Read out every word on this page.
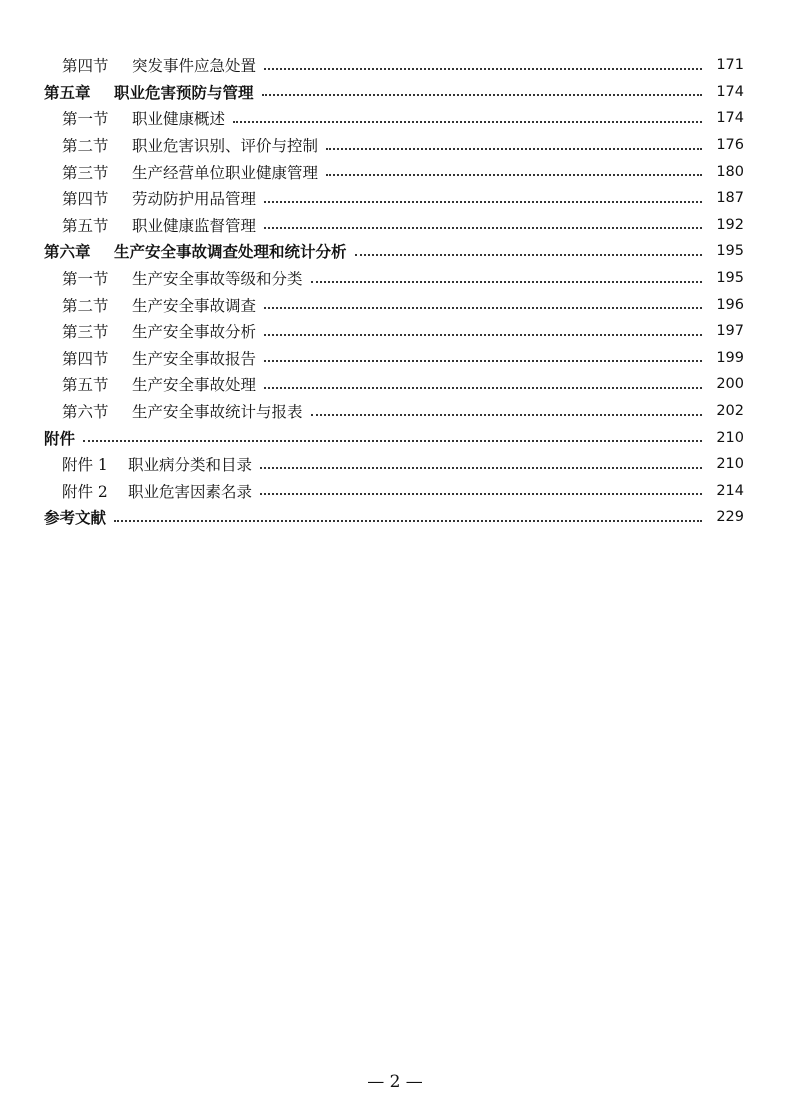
第四节	突发事件应急处置	171
第五章	职业危害预防与管理	174
第一节	职业健康概述	174
第二节	职业危害识别、评价与控制	176
第三节	生产经营单位职业健康管理	180
第四节	劳动防护用品管理	187
第五节	职业健康监督管理	192
第六章	生产安全事故调查处理和统计分析	195
第一节	生产安全事故等级和分类	195
第二节	生产安全事故调查	196
第三节	生产安全事故分析	197
第四节	生产安全事故报告	199
第五节	生产安全事故处理	200
第六节	生产安全事故统计与报表	202
附件	210
附件 1	职业病分类和目录	210
附件 2	职业危害因素名录	214
参考文献	229
— 2 —
